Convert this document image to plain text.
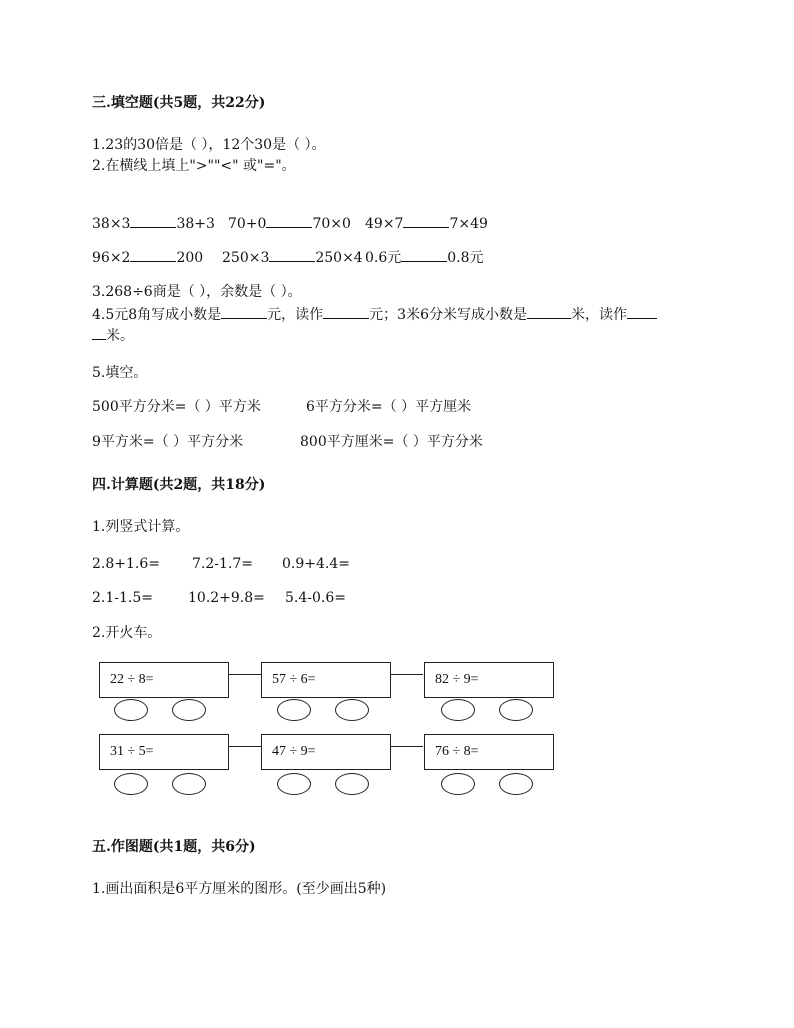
三.填空题(共5题，共22分)
1.23的30倍是（ ），12个30是（ ）。
2.在横线上填上">""<" 或"="。
38×3	38+3 70+0	70×0 49×7	7×49
96×2	200 250×3	250×4 0.6元	0.8元
3.268÷6商是（ ），余数是（ ）。
4.5元8角写成小数是	元，读作	元；3米6分米写成小数是	米，读作
米。
5.填空。
500平方分米=（ ）平方米	6平方分米=（ ）平方厘米
9平方米=（ ）平方分米	800平方厘米=（ ）平方分米
四.计算题(共2题，共18分)
1.列竖式计算。
2.8+1.6= 7.2-1.7= 0.9+4.4=
2.1-1.5=	10.2+9.8= 5.4-0.6=
2.开火车。
22 ÷ 8=	57 ÷ 6=	82 ÷ 9=
31 ÷ 5=	47 ÷ 9=	76 ÷ 8=
五.作图题(共1题，共6分)
1.画出面积是6平方厘米的图形。(至少画出5种)
